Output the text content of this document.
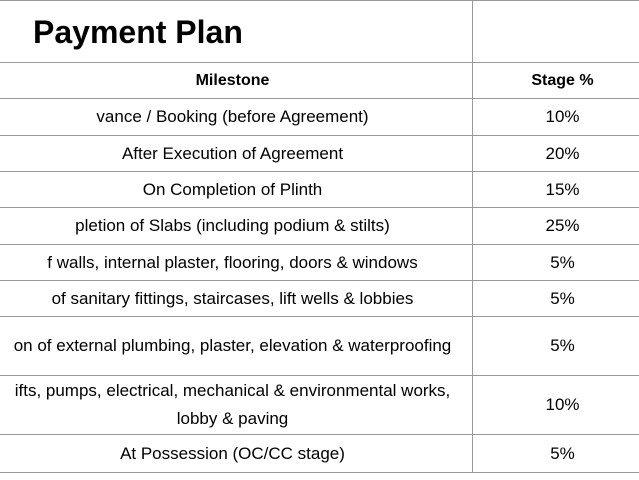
Payment Plan	
Milestone	Stage %
vance / Booking (before Agreement)	10%
After Execution of Agreement	20%
On Completion of Plinth	15%
pletion of Slabs (including podium & stilts)	25%
f walls, internal plaster, flooring, doors & windows	5%
of sanitary fittings, staircases, lift wells & lobbies	5%
on of external plumbing, plaster, elevation & waterproofing	5%
ifts, pumps, electrical, mechanical & environmental works, lobby & paving	10%
At Possession (OC/CC stage)	5%
